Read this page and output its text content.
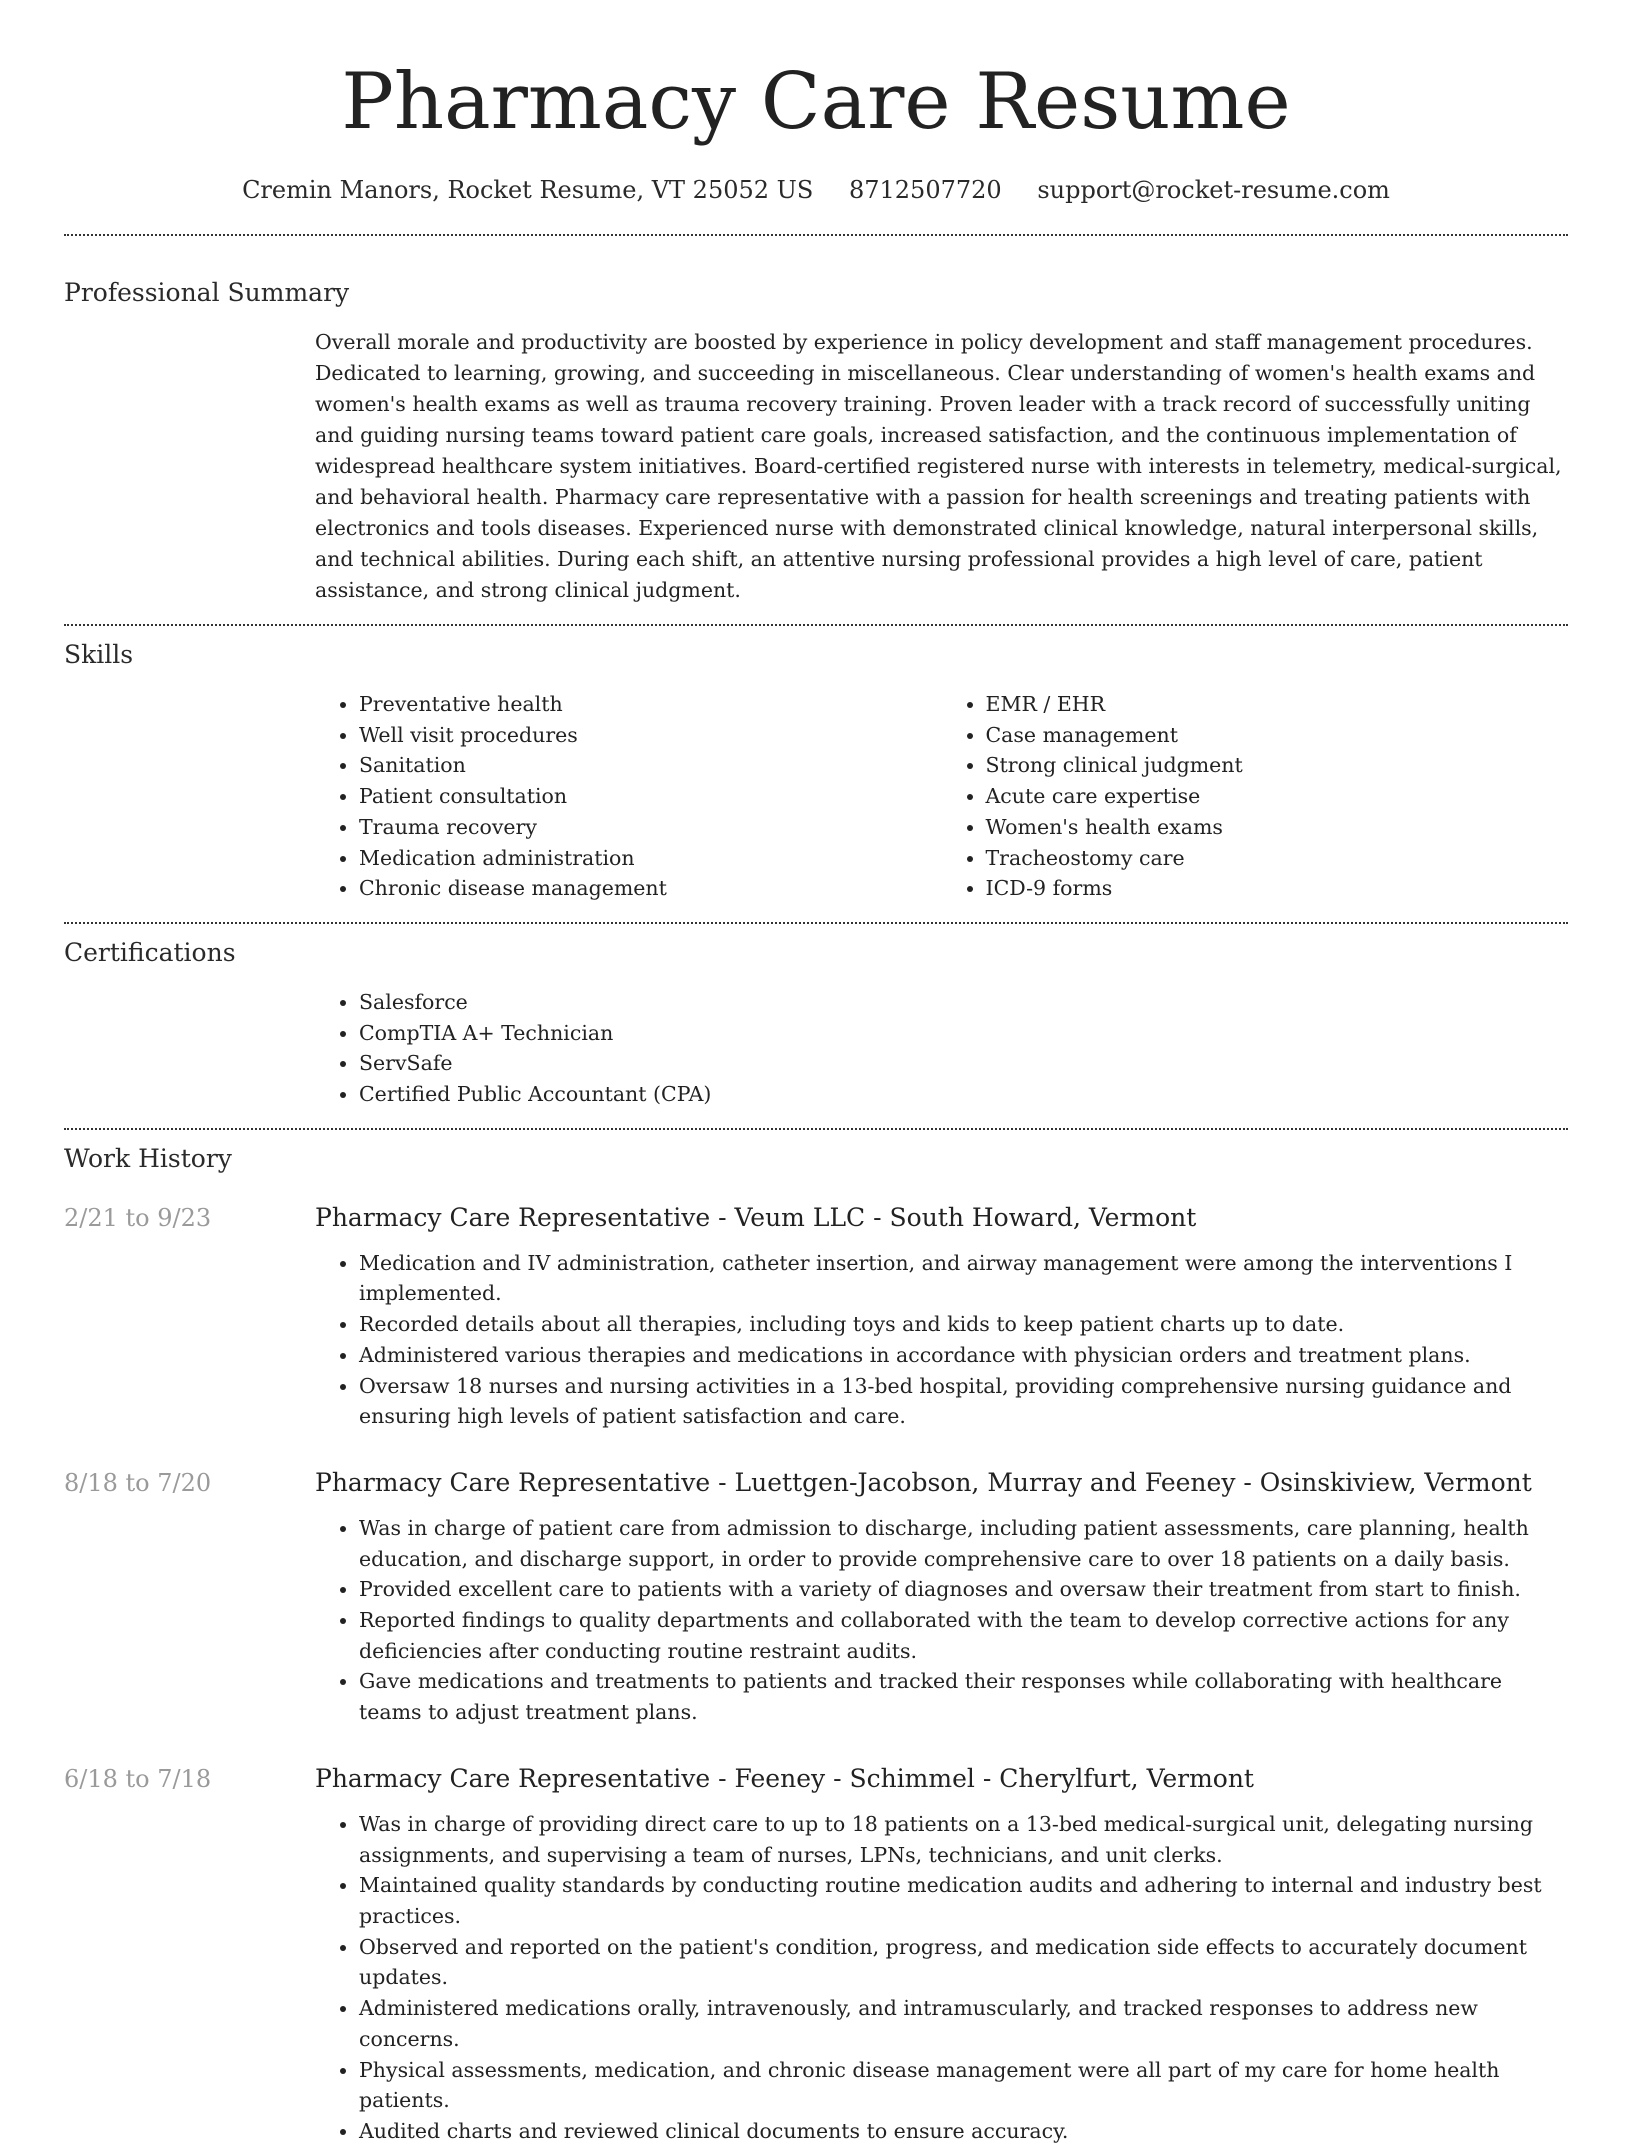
Pharmacy Care Resume
Cremin Manors, Rocket Resume, VT 25052 US 8712507720 support@rocket-resume.com
Professional Summary

Overall morale and productivity are boosted by experience in policy development and staff management procedures. Dedicated to learning, growing, and succeeding in miscellaneous. Clear understanding of women's health exams and women's health exams as well as trauma recovery training. Proven leader with a track record of successfully uniting and guiding nursing teams toward patient care goals, increased satisfaction, and the continuous implementation of widespread healthcare system initiatives. Board-certified registered nurse with interests in telemetry, medical-surgical, and behavioral health. Pharmacy care representative with a passion for health screenings and treating patients with electronics and tools diseases. Experienced nurse with demonstrated clinical knowledge, natural interpersonal skills, and technical abilities. During each shift, an attentive nursing professional provides a high level of care, patient assistance, and strong clinical judgment.

Skills
• Preventative health
• Well visit procedures
• Sanitation
• Patient consultation
• Trauma recovery
• Medication administration
• Chronic disease management
• EMR / EHR
• Case management
• Strong clinical judgment
• Acute care expertise
• Women's health exams
• Tracheostomy care
• ICD-9 forms
Certifications
• Salesforce
• CompTIA A+ Technician
• ServSafe
• Certified Public Accountant (CPA)
Work History
2/21 to 9/23	Pharmacy Care Representative - Veum LLC - South Howard, Vermont
• Medication and IV administration, catheter insertion, and airway management were among the interventions I implemented.
• Recorded details about all therapies, including toys and kids to keep patient charts up to date.
• Administered various therapies and medications in accordance with physician orders and treatment plans.
• Oversaw 18 nurses and nursing activities in a 13-bed hospital, providing comprehensive nursing guidance and ensuring high levels of patient satisfaction and care.
8/18 to 7/20	Pharmacy Care Representative - Luettgen-Jacobson, Murray and Feeney - Osinskiview, Vermont
• Was in charge of patient care from admission to discharge, including patient assessments, care planning, health education, and discharge support, in order to provide comprehensive care to over 18 patients on a daily basis.
• Provided excellent care to patients with a variety of diagnoses and oversaw their treatment from start to finish.
• Reported findings to quality departments and collaborated with the team to develop corrective actions for any deficiencies after conducting routine restraint audits.
• Gave medications and treatments to patients and tracked their responses while collaborating with healthcare teams to adjust treatment plans.
6/18 to 7/18	Pharmacy Care Representative - Feeney - Schimmel - Cherylfurt, Vermont
• Was in charge of providing direct care to up to 18 patients on a 13-bed medical-surgical unit, delegating nursing assignments, and supervising a team of nurses, LPNs, technicians, and unit clerks.
• Maintained quality standards by conducting routine medication audits and adhering to internal and industry best practices.
• Observed and reported on the patient's condition, progress, and medication side effects to accurately document updates.
• Administered medications orally, intravenously, and intramuscularly, and tracked responses to address new concerns.
• Physical assessments, medication, and chronic disease management were all part of my care for home health patients.
• Audited charts and reviewed clinical documents to ensure accuracy.
